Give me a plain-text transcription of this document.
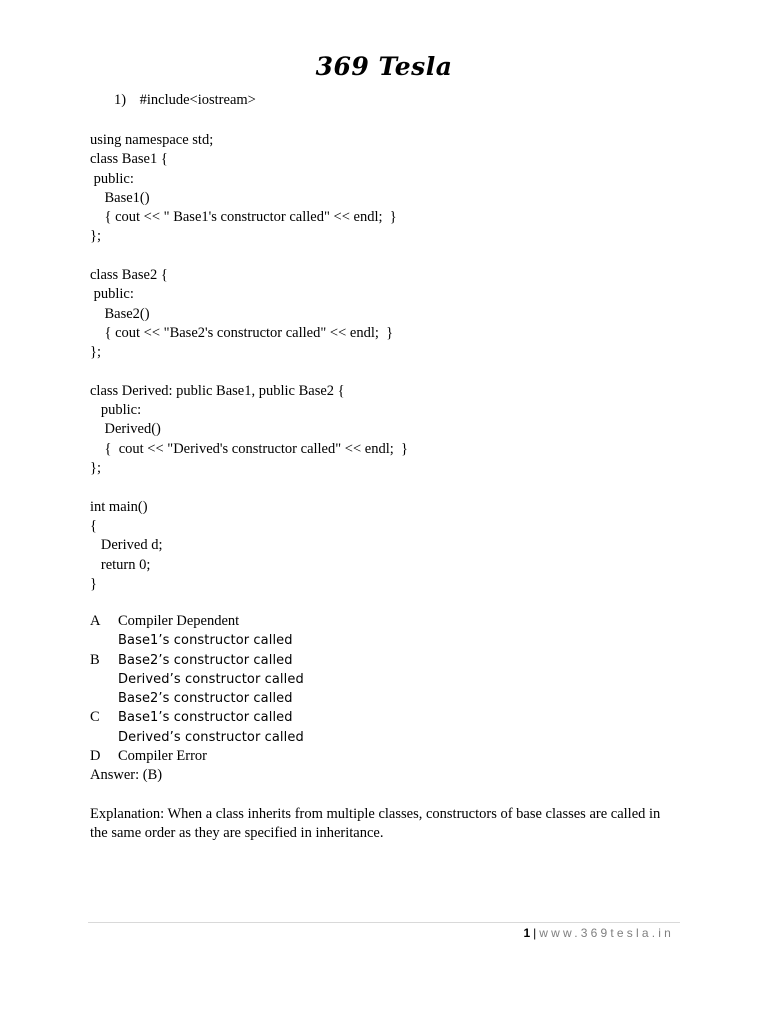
369 Tesla
1) #include<iostream>
using namespace std;
class Base1 {
public:
Base1()
{ cout << " Base1's constructor called" << endl;  }
};
class Base2 {
public:
Base2()
{ cout << "Base2's constructor called" << endl;  }
};
class Derived: public Base1, public Base2 {
public:
Derived()
{  cout << "Derived's constructor called" << endl;  }
};
int main()
{
Derived d;
return 0;
}
A	Compiler Dependent
Base1’s constructor called
B	Base2’s constructor called
Derived’s constructor called
Base2’s constructor called
C	Base1’s constructor called
Derived’s constructor called
D	Compiler Error
Answer: (B)
Explanation: When a class inherits from multiple classes, constructors of base classes are called in the same order as they are specified in inheritance.
1 | www.369tesla.in
